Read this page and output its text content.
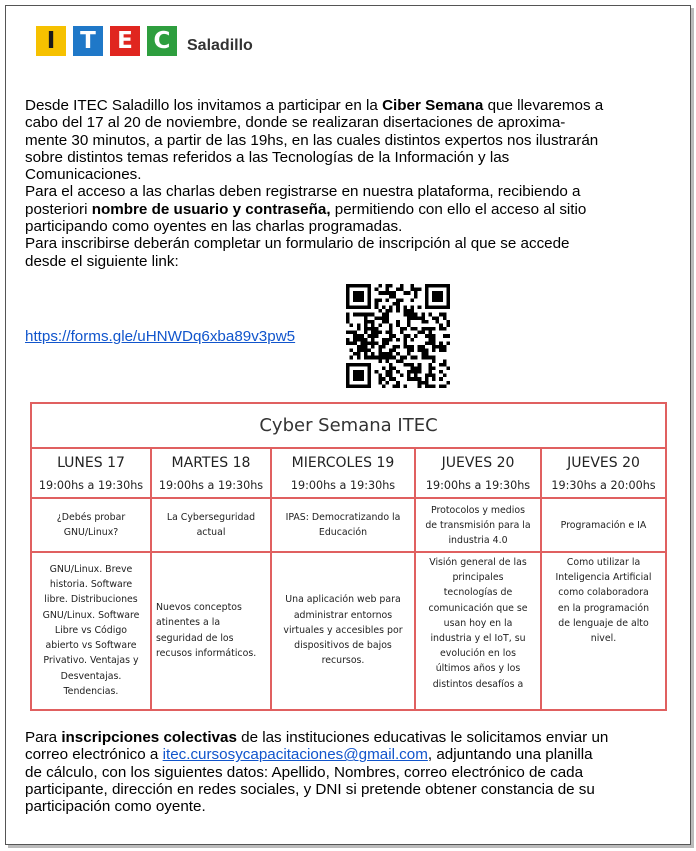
I	T E C	Saladillo
Desde ITEC Saladillo los invitamos a participar en la Ciber Semana que llevaremos a
cabo del 17 al 20 de noviembre, donde se realizaran disertaciones de aproxima-
mente 30 minutos, a partir de las 19hs, en las cuales distintos expertos nos ilustrarán
sobre distintos temas referidos a las Tecnologías de la Información y las
Comunicaciones.
Para el acceso a las charlas deben registrarse en nuestra plataforma, recibiendo a
posteriori nombre de usuario y contraseña, permitiendo con ello el acceso al sitio
participando como oyentes en las charlas programadas.
Para inscribirse deberán completar un formulario de inscripción al que se accede
desde el siguiente link:
https://forms.gle/uHNWDq6xba89v3pw5
Cyber Semana ITEC
LUNES 17
19:00hs a 19:30hs
¿Debés probar
GNU/Linux?
GNU/Linux. Breve
historia. Software
libre. Distribuciones
GNU/Linux. Software
Libre vs Código
abierto vs Software
Privativo. Ventajas y
Desventajas.
Tendencias.
MARTES 18
19:00hs a 19:30hs
La Cyberseguridad
actual
Nuevos conceptos
atinentes a la
seguridad de los
recusos informáticos.
MIERCOLES 19
19:00hs a 19:30hs
IPAS: Democratizando la
Educación
Una aplicación web para
administrar entornos
virtuales y accesibles por
dispositivos de bajos
recursos.
JUEVES 20
19:00hs a 19:30hs
Protocolos y medios
de transmisión para la
industria 4.0
Visión general de las
principales
tecnologías de
comunicación que se
usan hoy en la
industria y el IoT, su
evolución en los
últimos años y los
distintos desafíos a
JUEVES 20
19:30hs a 20:00hs
Programación e IA
Como utilizar la
Inteligencia Artificial
como colaboradora
en la programación
de lenguaje de alto
nivel.
Para inscripciones colectivas de las instituciones educativas le solicitamos enviar un
correo electrónico a itec.cursosycapacitaciones@gmail.com, adjuntando una planilla
de cálculo, con los siguientes datos: Apellido, Nombres, correo electrónico de cada
participante, dirección en redes sociales, y DNI si pretende obtener constancia de su
participación como oyente.
